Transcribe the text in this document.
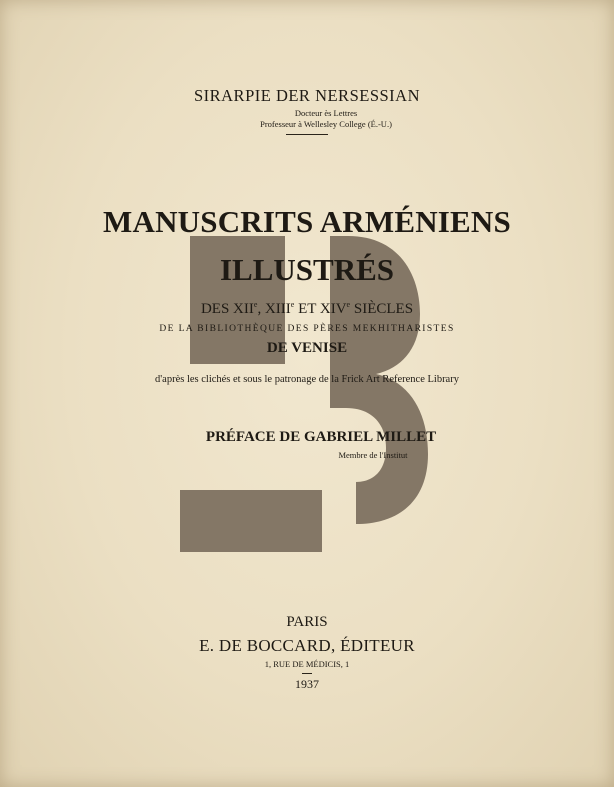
SIRARPIE DER NERSESSIAN
Docteur ès Lettres
Professeur à Wellesley College (É.-U.)
MANUSCRITS ARMÉNIENS
ILLUSTRÉS
DES XIIe, XIIIe ET XIVe SIÈCLES
DE LA BIBLIOTHÈQUE DES PÈRES MEKHITHARISTES
DE VENISE
d'après les clichés et sous le patronage de la Frick Art Reference Library
PRÉFACE DE GABRIEL MILLET
Membre de l'Institut
PARIS
E. DE BOCCARD, ÉDITEUR
1, RUE DE MÉDICIS, 1
1937
